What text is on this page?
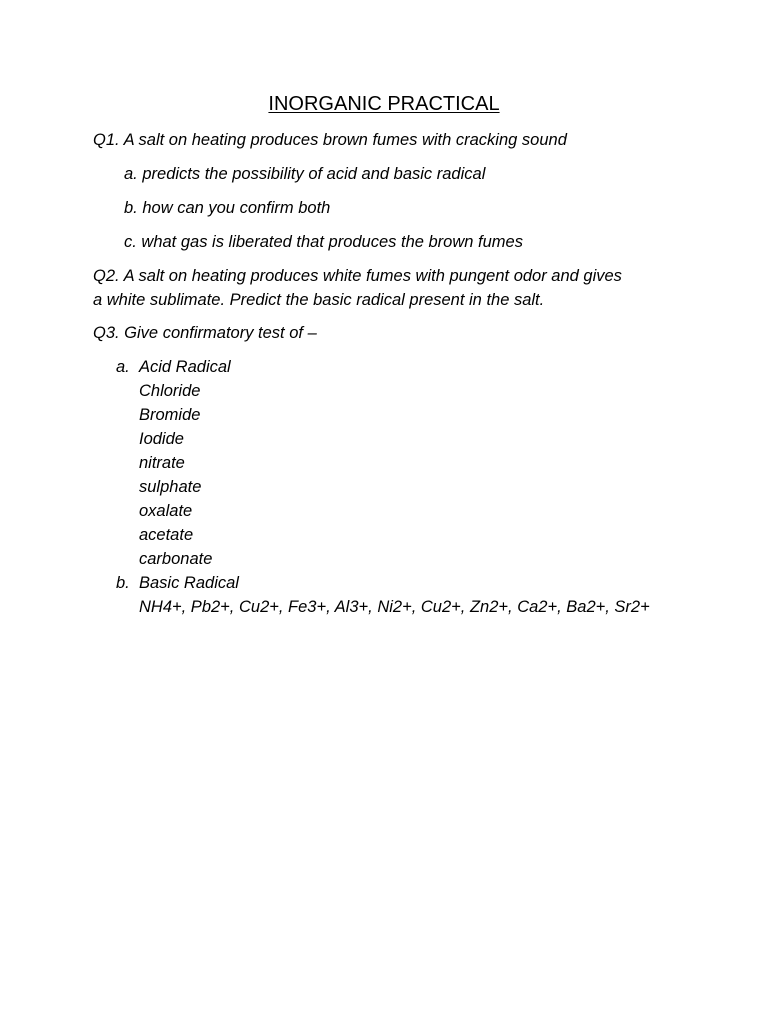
INORGANIC PRACTICAL
Q1. A salt on heating produces brown fumes with cracking sound
a. predicts the possibility of acid and basic radical
b. how can you confirm both
c. what gas is liberated that produces the brown fumes
Q2. A salt on heating produces white fumes with pungent odor and gives
a white sublimate. Predict the basic radical present in the salt.
Q3. Give confirmatory test of –
a. Acid Radical
Chloride
Bromide
Iodide
nitrate
sulphate
oxalate
acetate
carbonate
b. Basic Radical
NH4+, Pb2+, Cu2+, Fe3+, Al3+, Ni2+, Cu2+, Zn2+, Ca2+, Ba2+, Sr2+
